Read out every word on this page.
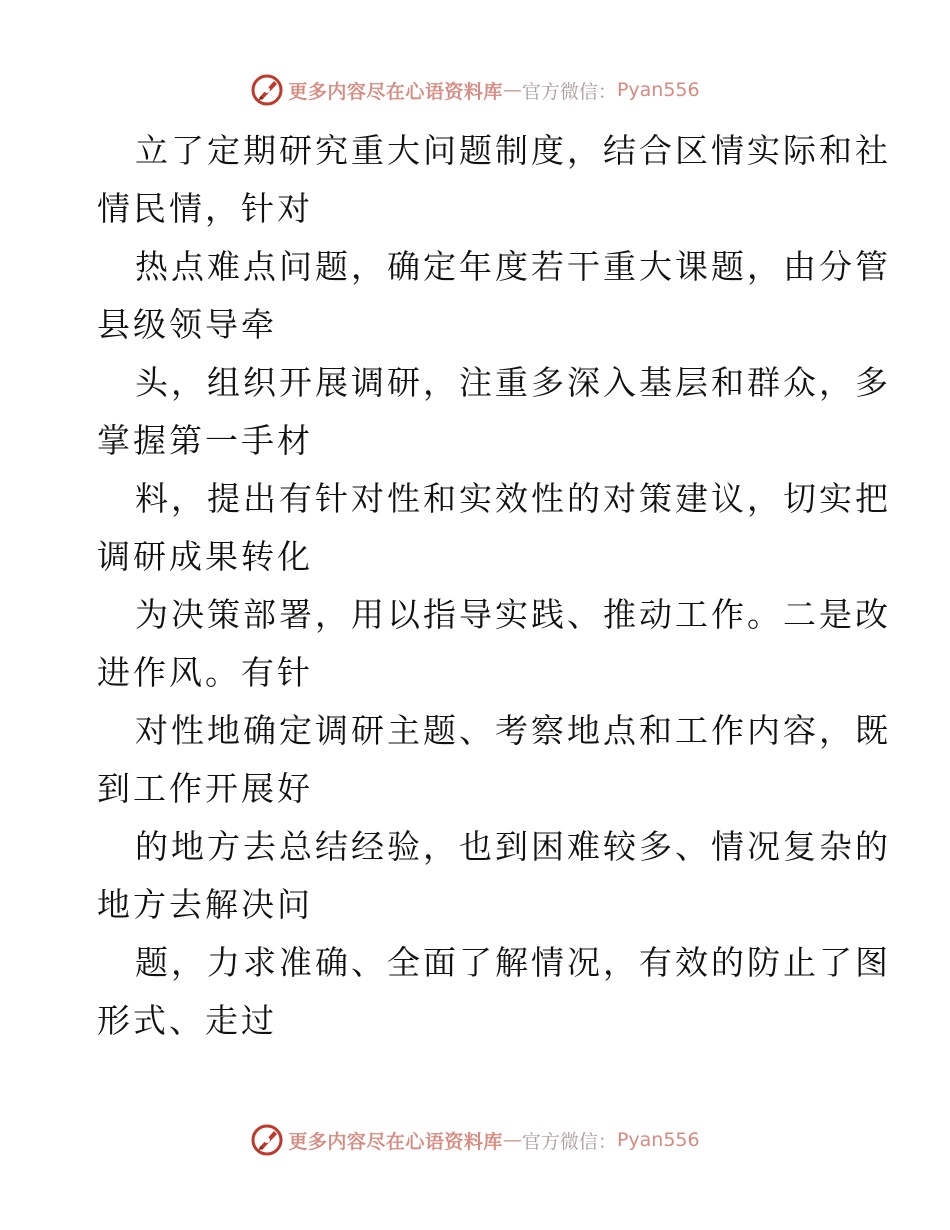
更多内容尽在心语资料库 — 官方微信： Pyan556
立了定期研究重大问题制度，结合区情实际和社
情民情，针对
热点难点问题，确定年度若干重大课题，由分管
县级领导牵
头，组织开展调研，注重多深入基层和群众，多
掌握第一手材
料，提出有针对性和实效性的对策建议，切实把
调研成果转化
为决策部署，用以指导实践、推动工作。二是改
进作风。有针
对性地确定调研主题、考察地点和工作内容，既
到工作开展好
的地方去总结经验，也到困难较多、情况复杂的
地方去解决问
题，力求准确、全面了解情况，有效的防止了图
形式、走过
更多内容尽在心语资料库 — 官方微信： Pyan556
